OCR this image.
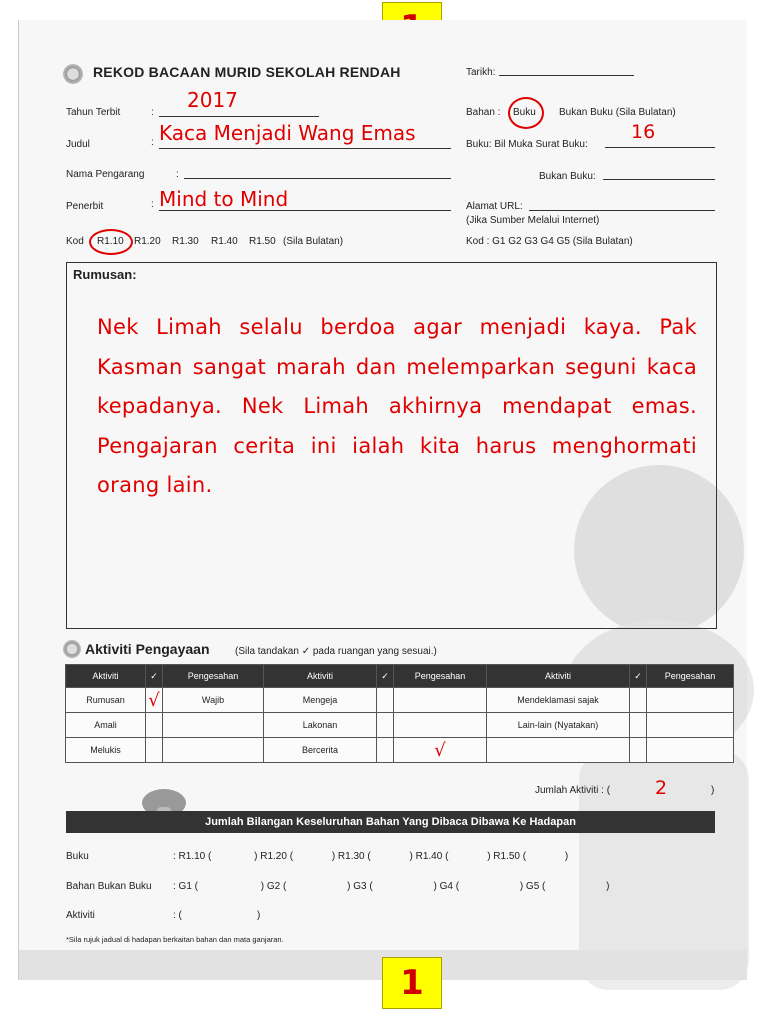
REKOD BACAAN MURID SEKOLAH RENDAH	Tarikh:
Tahun Terbit	:
2017
Judul	: Kaca Menjadi Wang Emas
Nama Pengarang	:
Penerbit	: Mind to Mind
Kod R1.10 R1.20 R1.30 R1.40 R1.50 (Sila Bulatan)
Bahan : Buku Bukan Buku (Sila Bulatan)
Buku: Bil Muka Surat Buku:
16
Bukan Buku:
Alamat URL:
(Jika Sumber Melalui Internet)
Kod : G1 G2 G3 G4 G5 (Sila Bulatan)
Rumusan:
Nek Limah selalu berdoa agar menjadi kaya. Pak Kasman sangat marah dan melemparkan seguni kaca kepadanya. Nek Limah akhirnya mendapat emas. Pengajaran cerita ini ialah kita harus menghormati orang lain.
Aktiviti Pengayaan	(Sila tandakan ✓ pada ruangan yang sesuai.)
Aktiviti	✓	Pengesahan	Aktiviti	✓	Pengesahan	Aktiviti	✓	Pengesahan
Rumusan	√	Wajib	Mengeja			Mendeklamasi sajak		
Amali			Lakonan			Lain-lain (Nyatakan)		
Melukis			Bercerita		√			
Jumlah Aktiviti : ( 2	)
Jumlah Bilangan Keseluruhan Bahan Yang Dibaca Dibawa Ke Hadapan
Buku	: R1.10 (	) R1.20 (	) R1.30 (	) R1.40 (	) R1.50 (	)
Bahan Bukan Buku : G1 (	) G2 (	) G3 (	) G4 (	) G5 (	)
Aktiviti	: (	)
*Sila rujuk jadual di hadapan berkaitan bahan dan mata ganjaran.
1
